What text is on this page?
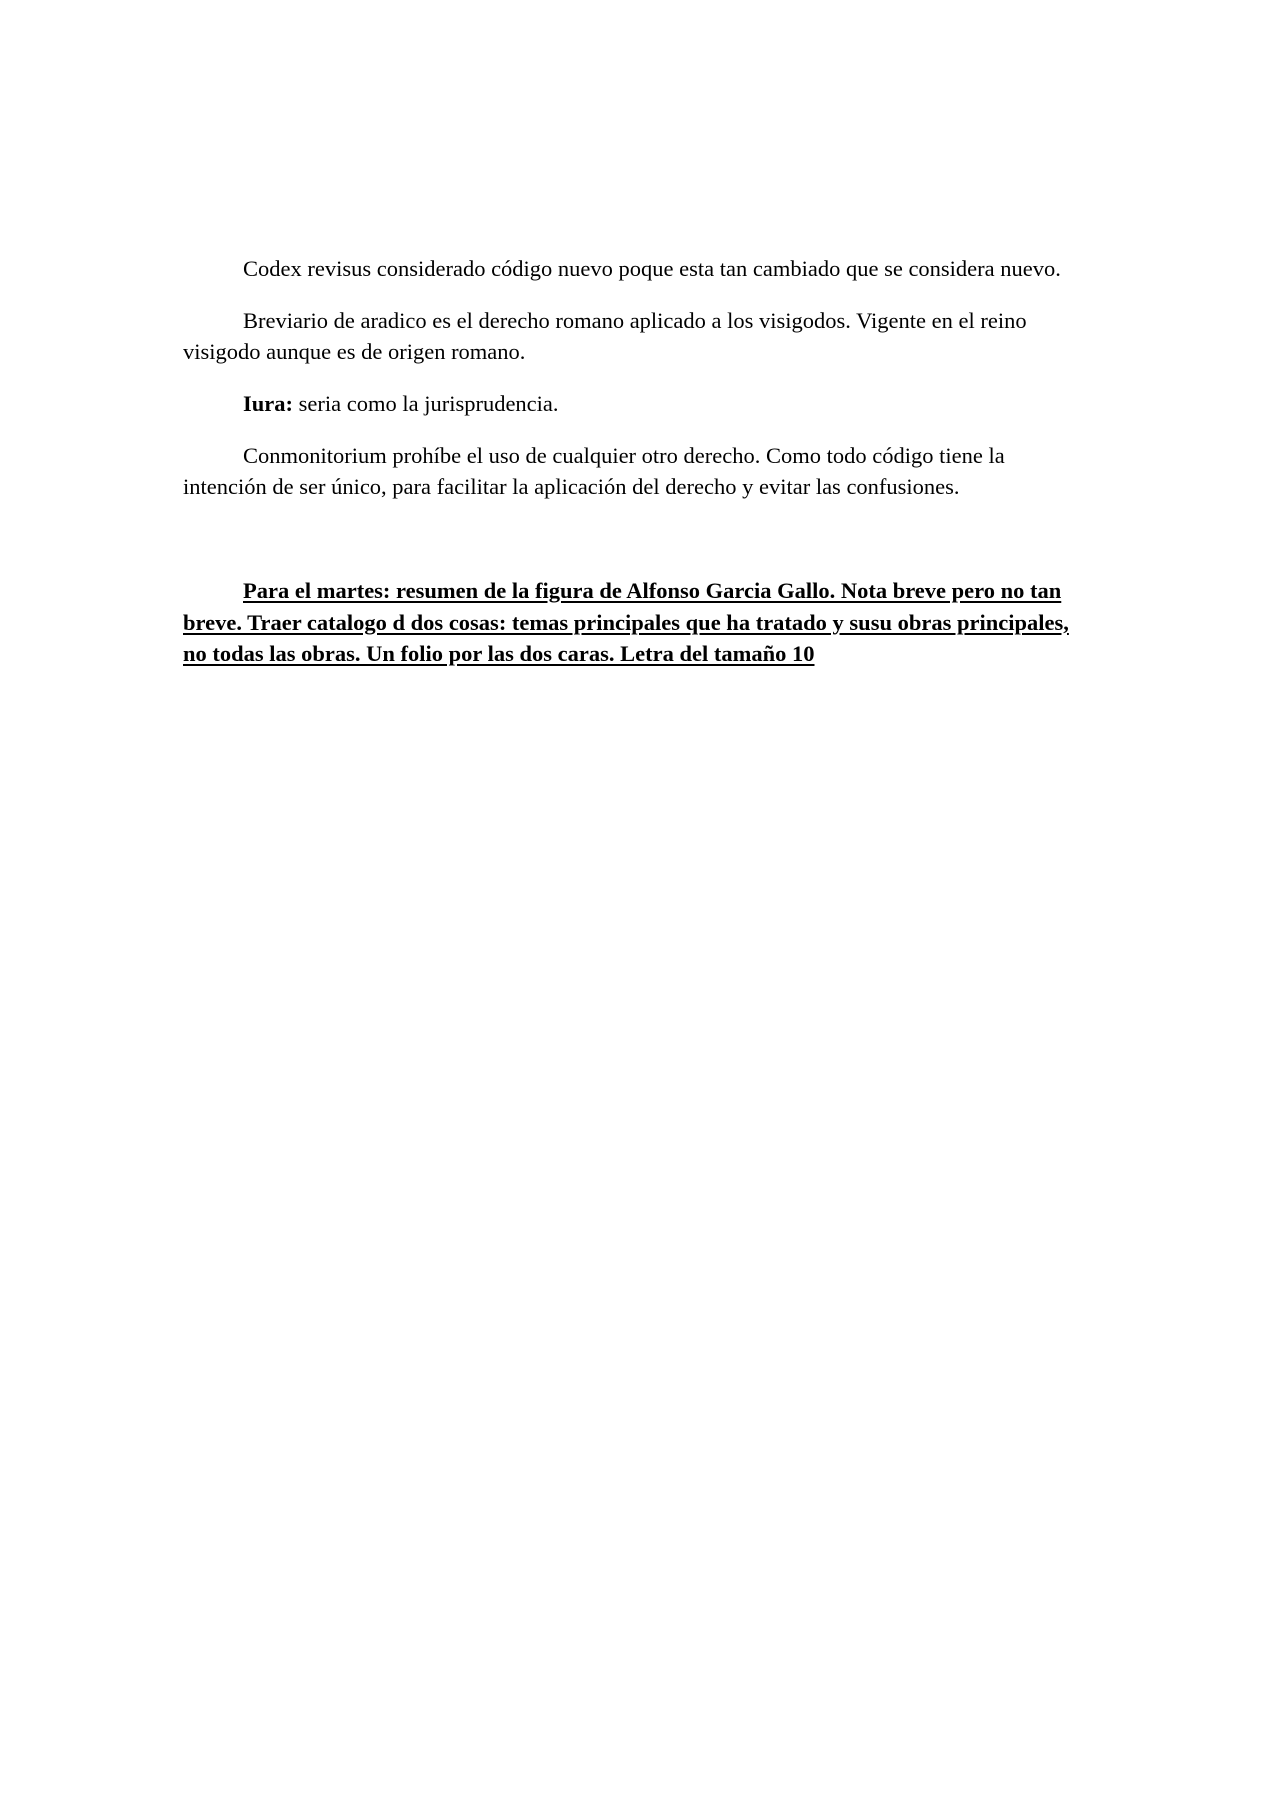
Codex revisus considerado código nuevo poque esta tan cambiado que se considera nuevo.

Breviario de aradico es el derecho romano aplicado a los visigodos. Vigente en el reino visigodo aunque es de origen romano.

Iura: seria como la jurisprudencia.

Conmonitorium prohíbe el uso de cualquier otro derecho. Como todo código tiene la intención de ser único, para facilitar la aplicación del derecho y evitar las confusiones.

Para el martes: resumen de la figura de Alfonso Garcia Gallo. Nota breve pero no tan breve. Traer catalogo d dos cosas: temas principales que ha tratado y susu obras principales, no todas las obras. Un folio por las dos caras. Letra del tamaño 10
